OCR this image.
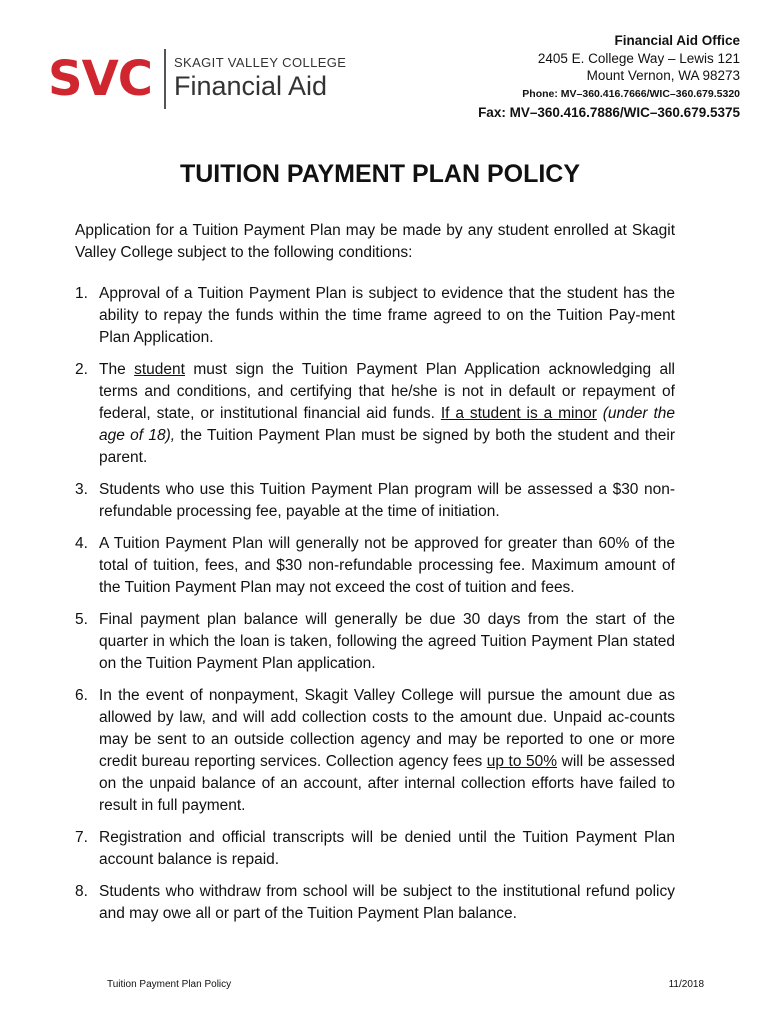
SVC SKAGIT VALLEY COLLEGE
Financial Aid
Financial Aid Office
2405 E. College Way – Lewis 121
Mount Vernon, WA 98273
Phone: MV–360.416.7666/WIC–360.679.5320
Fax: MV–360.416.7886/WIC–360.679.5375
TUITION PAYMENT PLAN POLICY

Application for a Tuition Payment Plan may be made by any student enrolled at Skagit Valley College subject to the following conditions:

1. Approval of a Tuition Payment Plan is subject to evidence that the student has the ability to repay the funds within the time frame agreed to on the Tuition Pay-ment Plan Application.
2. The student must sign the Tuition Payment Plan Application acknowledging all terms and conditions, and certifying that he/she is not in default or repayment of federal, state, or institutional financial aid funds. If a student is a minor (under the age of 18), the Tuition Payment Plan must be signed by both the student and their parent.
3. Students who use this Tuition Payment Plan program will be assessed a $30 non-refundable processing fee, payable at the time of initiation.
4. A Tuition Payment Plan will generally not be approved for greater than 60% of the total of tuition, fees, and $30 non-refundable processing fee. Maximum amount of the Tuition Payment Plan may not exceed the cost of tuition and fees.
5. Final payment plan balance will generally be due 30 days from the start of the quarter in which the loan is taken, following the agreed Tuition Payment Plan stated on the Tuition Payment Plan application.
6. In the event of nonpayment, Skagit Valley College will pursue the amount due as allowed by law, and will add collection costs to the amount due. Unpaid ac-counts may be sent to an outside collection agency and may be reported to one or more credit bureau reporting services. Collection agency fees up to 50% will be assessed on the unpaid balance of an account, after internal collection efforts have failed to result in full payment.
7. Registration and official transcripts will be denied until the Tuition Payment Plan account balance is repaid.
8. Students who withdraw from school will be subject to the institutional refund policy and may owe all or part of the Tuition Payment Plan balance.
Tuition Payment Plan Policy	11/2018
